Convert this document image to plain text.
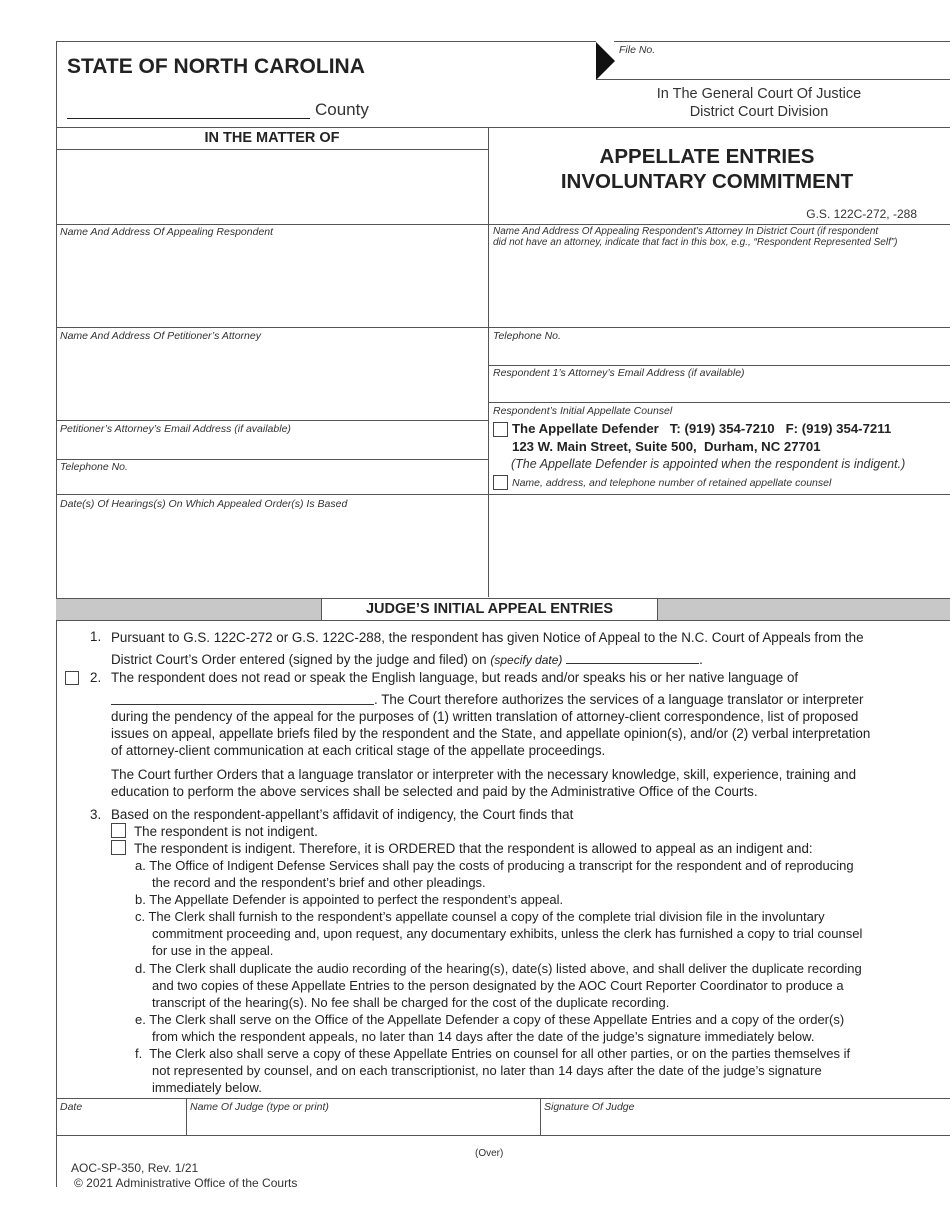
STATE OF NORTH CAROLINA
County
File No.
In The General Court Of Justice
District Court Division
IN THE MATTER OF
APPELLATE ENTRIES
INVOLUNTARY COMMITMENT
G.S. 122C-272, -288
Name And Address Of Appealing Respondent	Name And Address Of Appealing Respondent’s Attorney In District Court (if respondent
did not have an attorney, indicate that fact in this box, e.g., “Respondent Represented Self”)
Name And Address Of Petitioner’s Attorney	Telephone No.
Respondent 1’s Attorney’s Email Address (if available)
Respondent’s Initial Appellate Counsel
The Appellate Defender   T: (919) 354-7210   F: (919) 354-7211
123 W. Main Street, Suite 500,  Durham, NC 27701
(The Appellate Defender is appointed when the respondent is indigent.)
Name, address, and telephone number of retained appellate counsel
Petitioner’s Attorney’s Email Address (if available)
Telephone No.
Date(s) Of Hearings(s) On Which Appealed Order(s) Is Based
JUDGE’S INITIAL APPEAL ENTRIES
1. Pursuant to G.S. 122C-272 or G.S. 122C-288, the respondent has given Notice of Appeal to the N.C. Court of Appeals from the
District Court’s Order entered (signed by the judge and filed) on (specify date)	.
2. The respondent does not read or speak the English language, but reads and/or speaks his or her native language of
. The Court therefore authorizes the services of a language translator or interpreter
during the pendency of the appeal for the purposes of (1) written translation of attorney-client correspondence, list of proposed
issues on appeal, appellate briefs filed by the respondent and the State, and appellate opinion(s), and/or (2) verbal interpretation
of attorney-client communication at each critical stage of the appellate proceedings.
The Court further Orders that a language translator or interpreter with the necessary knowledge, skill, experience, training and
education to perform the above services shall be selected and paid by the Administrative Office of the Courts.
3. Based on the respondent-appellant’s affidavit of indigency, the Court finds that
The respondent is not indigent.
The respondent is indigent. Therefore, it is ORDERED that the respondent is allowed to appeal as an indigent and:
a. The Office of Indigent Defense Services shall pay the costs of producing a transcript for the respondent and of reproducing
the record and the respondent’s brief and other pleadings.
b. The Appellate Defender is appointed to perfect the respondent’s appeal.
c. The Clerk shall furnish to the respondent’s appellate counsel a copy of the complete trial division file in the involuntary
commitment proceeding and, upon request, any documentary exhibits, unless the clerk has furnished a copy to trial counsel
for use in the appeal.
d. The Clerk shall duplicate the audio recording of the hearing(s), date(s) listed above, and shall deliver the duplicate recording
and two copies of these Appellate Entries to the person designated by the AOC Court Reporter Coordinator to produce a
transcript of the hearing(s). No fee shall be charged for the cost of the duplicate recording.
e. The Clerk shall serve on the Office of the Appellate Defender a copy of these Appellate Entries and a copy of the order(s)
from which the respondent appeals, no later than 14 days after the date of the judge’s signature immediately below.
f.  The Clerk also shall serve a copy of these Appellate Entries on counsel for all other parties, or on the parties themselves if
not represented by counsel, and on each transcriptionist, no later than 14 days after the date of the judge’s signature
immediately below.
Date	Name Of Judge (type or print)	Signature Of Judge
(Over)
AOC-SP-350, Rev. 1/21
© 2021 Administrative Office of the Courts
